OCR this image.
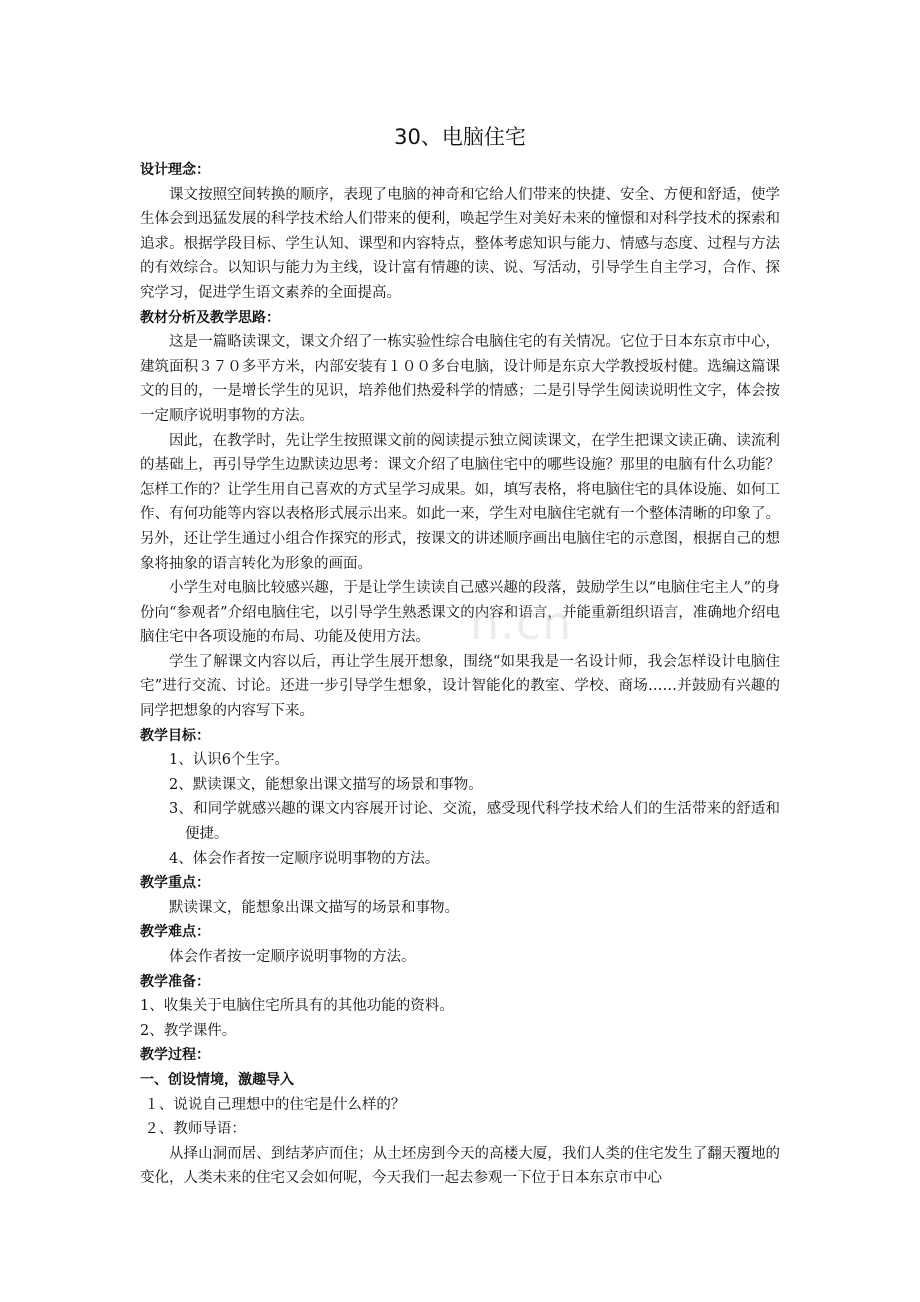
30、电脑住宅
设计理念：

课文按照空间转换的顺序，表现了电脑的神奇和它给人们带来的快捷、安全、方便和舒适，使学生体会到迅猛发展的科学技术给人们带来的便利，唤起学生对美好未来的憧憬和对科学技术的探索和追求。根据学段目标、学生认知、课型和内容特点，整体考虑知识与能力、情感与态度、过程与方法的有效综合。以知识与能力为主线，设计富有情趣的读、说、写活动，引导学生自主学习，合作、探究学习，促进学生语文素养的全面提高。

教材分析及教学思路：

这是一篇略读课文，课文介绍了一栋实验性综合电脑住宅的有关情况。它位于日本东京市中心，建筑面积３７０多平方米，内部安装有１００多台电脑，设计师是东京大学教授坂村健。选编这篇课文的目的，一是增长学生的见识，培养他们热爱科学的情感；二是引导学生阅读说明性文字，体会按一定顺序说明事物的方法。

因此，在教学时，先让学生按照课文前的阅读提示独立阅读课文，在学生把课文读正确、读流利的基础上，再引导学生边默读边思考：课文介绍了电脑住宅中的哪些设施？那里的电脑有什么功能？怎样工作的？让学生用自己喜欢的方式呈学习成果。如，填写表格，将电脑住宅的具体设施、如何工作、有何功能等内容以表格形式展示出来。如此一来，学生对电脑住宅就有一个整体清晰的印象了。另外，还让学生通过小组合作探究的形式，按课文的讲述顺序画出电脑住宅的示意图，根据自己的想象将抽象的语言转化为形象的画面。

小学生对电脑比较感兴趣，于是让学生读读自己感兴趣的段落，鼓励学生以“电脑住宅主人”的身份向“参观者”介绍电脑住宅，以引导学生熟悉课文的内容和语言，并能重新组织语言，准确地介绍电脑住宅中各项设施的布局、功能及使用方法。

学生了解课文内容以后，再让学生展开想象，围绕“如果我是一名设计师，我会怎样设计电脑住宅”进行交流、讨论。还进一步引导学生想象，设计智能化的教室、学校、商场……并鼓励有兴趣的同学把想象的内容写下来。

教学目标：

1、认识6个生字。

2、默读课文，能想象出课文描写的场景和事物。

3、和同学就感兴趣的课文内容展开讨论、交流，感受现代科学技术给人们的生活带来的舒适和便捷。

4、体会作者按一定顺序说明事物的方法。

教学重点：

默读课文，能想象出课文描写的场景和事物。

教学难点：

体会作者按一定顺序说明事物的方法。

教学准备：

1、收集关于电脑住宅所具有的其他功能的资料。

2、教学课件。

教学过程：
一、创设情境，激趣导入

１、说说自己理想中的住宅是什么样的？

２、教师导语：

从择山洞而居、到结茅庐而住；从土坯房到今天的高楼大厦，我们人类的住宅发生了翻天覆地的变化，人类未来的住宅又会如何呢，今天我们一起去参观一下位于日本东京市中心

n.cn
